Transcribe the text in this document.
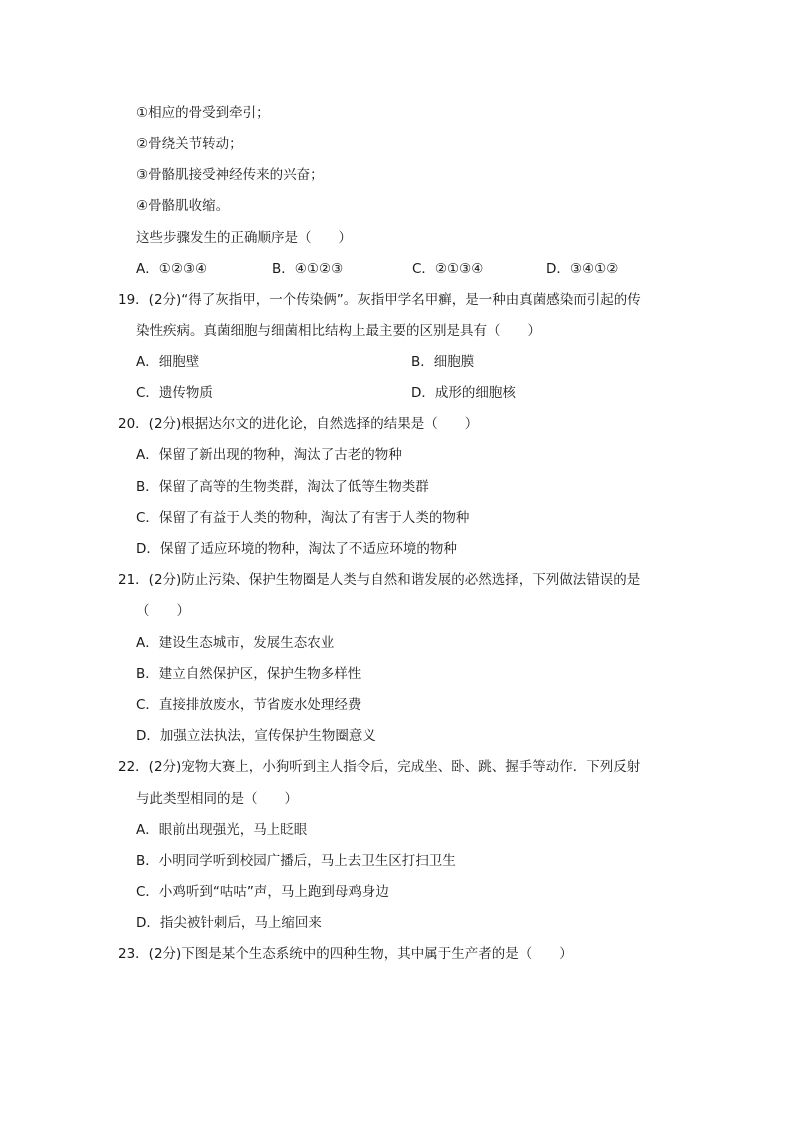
①相应的骨受到牵引；
②骨绕关节转动；
③骨骼肌接受神经传来的兴奋；
④骨骼肌收缩。
这些步骤发生的正确顺序是（　　）
A．①②③④	B．④①②③	C．②①③④	D．③④①②
19．(2分)“得了灰指甲，一个传染俩”。灰指甲学名甲癣，是一种由真菌感染而引起的传
染性疾病。真菌细胞与细菌相比结构上最主要的区别是具有（　　）
A．细胞壁	B．细胞膜
C．遗传物质	D．成形的细胞核
20．(2分)根据达尔文的进化论，自然选择的结果是（　　）
A．保留了新出现的物种，淘汰了古老的物种
B．保留了高等的生物类群，淘汰了低等生物类群
C．保留了有益于人类的物种，淘汰了有害于人类的物种
D．保留了适应环境的物种，淘汰了不适应环境的物种
21．(2分)防止污染、保护生物圈是人类与自然和谐发展的必然选择，下列做法错误的是
（　　）
A．建设生态城市，发展生态农业
B．建立自然保护区，保护生物多样性
C．直接排放废水，节省废水处理经费
D．加强立法执法，宣传保护生物圈意义
22．(2分)宠物大赛上，小狗听到主人指令后，完成坐、卧、跳、握手等动作．下列反射
与此类型相同的是（　　）
A．眼前出现强光，马上眨眼
B．小明同学听到校园广播后，马上去卫生区打扫卫生
C．小鸡听到“咕咕”声，马上跑到母鸡身边
D．指尖被针刺后，马上缩回来
23．(2分)下图是某个生态系统中的四种生物，其中属于生产者的是（　　）
